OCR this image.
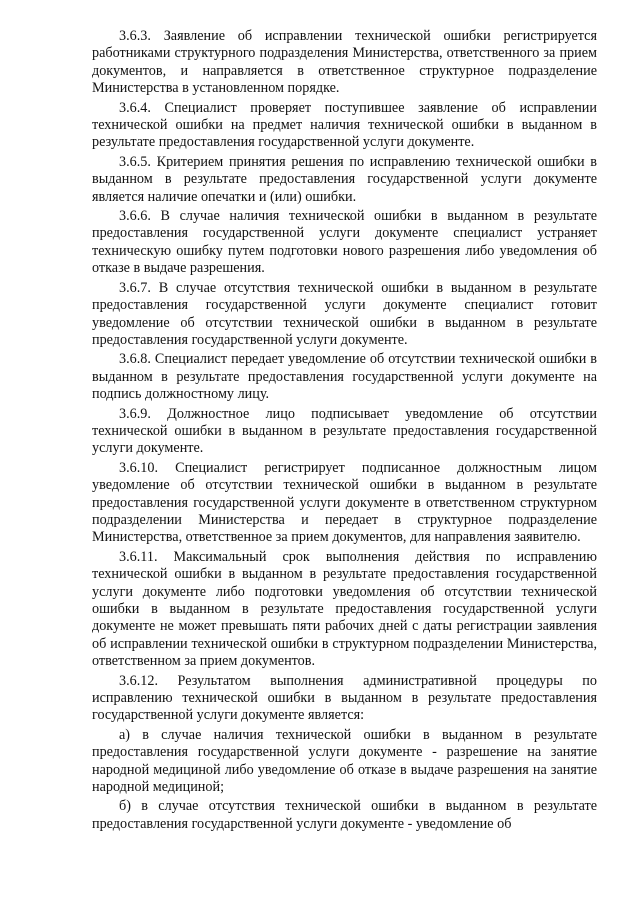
3.6.3. Заявление об исправлении технической ошибки регистрируется работниками структурного подразделения Министерства, ответственного за прием документов, и направляется в ответственное структурное подразделение Министерства в установленном порядке.

3.6.4. Специалист проверяет поступившее заявление об исправлении технической ошибки на предмет наличия технической ошибки в выданном в результате предоставления государственной услуги документе.

3.6.5. Критерием принятия решения по исправлению технической ошибки в выданном в результате предоставления государственной услуги документе является наличие опечатки и (или) ошибки.

3.6.6. В случае наличия технической ошибки в выданном в результате предоставления государственной услуги документе специалист устраняет техническую ошибку путем подготовки нового разрешения либо уведомления об отказе в выдаче разрешения.

3.6.7. В случае отсутствия технической ошибки в выданном в результате предоставления государственной услуги документе специалист готовит уведомление об отсутствии технической ошибки в выданном в результате предоставления государственной услуги документе.

3.6.8. Специалист передает уведомление об отсутствии технической ошибки в выданном в результате предоставления государственной услуги документе на подпись должностному лицу.

3.6.9. Должностное лицо подписывает уведомление об отсутствии технической ошибки в выданном в результате предоставления государственной услуги документе.

3.6.10. Специалист регистрирует подписанное должностным лицом уведомление об отсутствии технической ошибки в выданном в результате предоставления государственной услуги документе в ответственном структурном подразделении Министерства и передает в структурное подразделение Министерства, ответственное за прием документов, для направления заявителю.

3.6.11. Максимальный срок выполнения действия по исправлению технической ошибки в выданном в результате предоставления государственной услуги документе либо подготовки уведомления об отсутствии технической ошибки в выданном в результате предоставления государственной услуги документе не может превышать пяти рабочих дней с даты регистрации заявления об исправлении технической ошибки в структурном подразделении Министерства, ответственном за прием документов.

3.6.12. Результатом выполнения административной процедуры по исправлению технической ошибки в выданном в результате предоставления государственной услуги документе является:

а) в случае наличия технической ошибки в выданном в результате предоставления государственной услуги документе - разрешение на занятие народной медициной либо уведомление об отказе в выдаче разрешения на занятие народной медициной;

б) в случае отсутствия технической ошибки в выданном в результате предоставления государственной услуги документе - уведомление об
